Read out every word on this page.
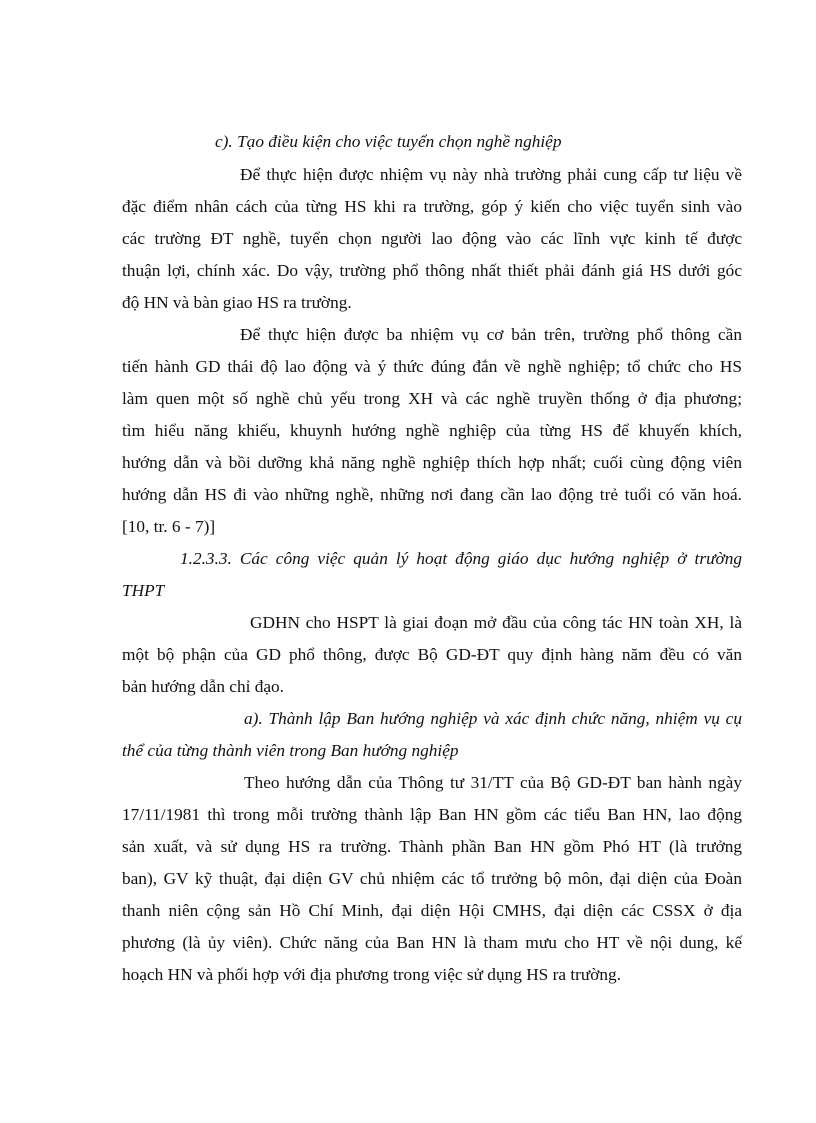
c). Tạo điều kiện cho việc tuyển chọn nghề nghiệp
Để thực hiện được nhiệm vụ này nhà trường phải cung cấp tư liệu về
đặc điểm nhân cách của từng HS khi ra trường, góp ý kiến cho việc tuyển sinh vào
các trường ĐT nghề, tuyển chọn người lao động vào các lĩnh vực kinh tế được
thuận lợi, chính xác. Do vậy, trường phổ thông nhất thiết phải đánh giá HS dưới góc
độ HN và bàn giao HS ra trường.
Để thực hiện được ba nhiệm vụ cơ bản trên, trường phổ thông cần
tiến hành GD thái độ lao động và ý thức đúng đắn về nghề nghiệp; tổ chức cho HS
làm quen một số nghề chủ yếu trong XH và các nghề truyền thống ở địa phương;
tìm hiểu năng khiếu, khuynh hướng nghề nghiệp của từng HS để khuyến khích,
hướng dẫn và bồi dưỡng khả năng nghề nghiệp thích hợp nhất; cuối cùng động viên
hướng dẫn HS đi vào những nghề, những nơi đang cần lao động trẻ tuổi có văn hoá.
[10, tr. 6 - 7)]
1.2.3.3. Các công việc quản lý hoạt động giáo dục hướng nghiệp ở trường
THPT
GDHN cho HSPT là giai đoạn mở đầu của công tác HN toàn XH, là
một bộ phận của GD phổ thông, được Bộ GD-ĐT quy định hàng năm đều có văn
bản hướng dẫn chỉ đạo.
a). Thành lập Ban hướng nghiệp và xác định chức năng, nhiệm vụ cụ
thể của từng thành viên trong Ban hướng nghiệp
Theo hướng dẫn của Thông tư 31/TT của Bộ GD-ĐT ban hành ngày
17/11/1981 thì trong mỗi trường thành lập Ban HN gồm các tiểu Ban HN, lao động
sản xuất, và sử dụng HS ra trường. Thành phần Ban HN gồm Phó HT (là trưởng
ban), GV kỹ thuật, đại diện GV chủ nhiệm các tổ trưởng bộ môn, đại diện của Đoàn
thanh niên cộng sản Hồ Chí Minh, đại diện Hội CMHS, đại diện các CSSX ở địa
phương (là ủy viên). Chức năng của Ban HN là tham mưu cho HT về nội dung, kế
hoạch HN và phối hợp với địa phương trong việc sử dụng HS ra trường.
